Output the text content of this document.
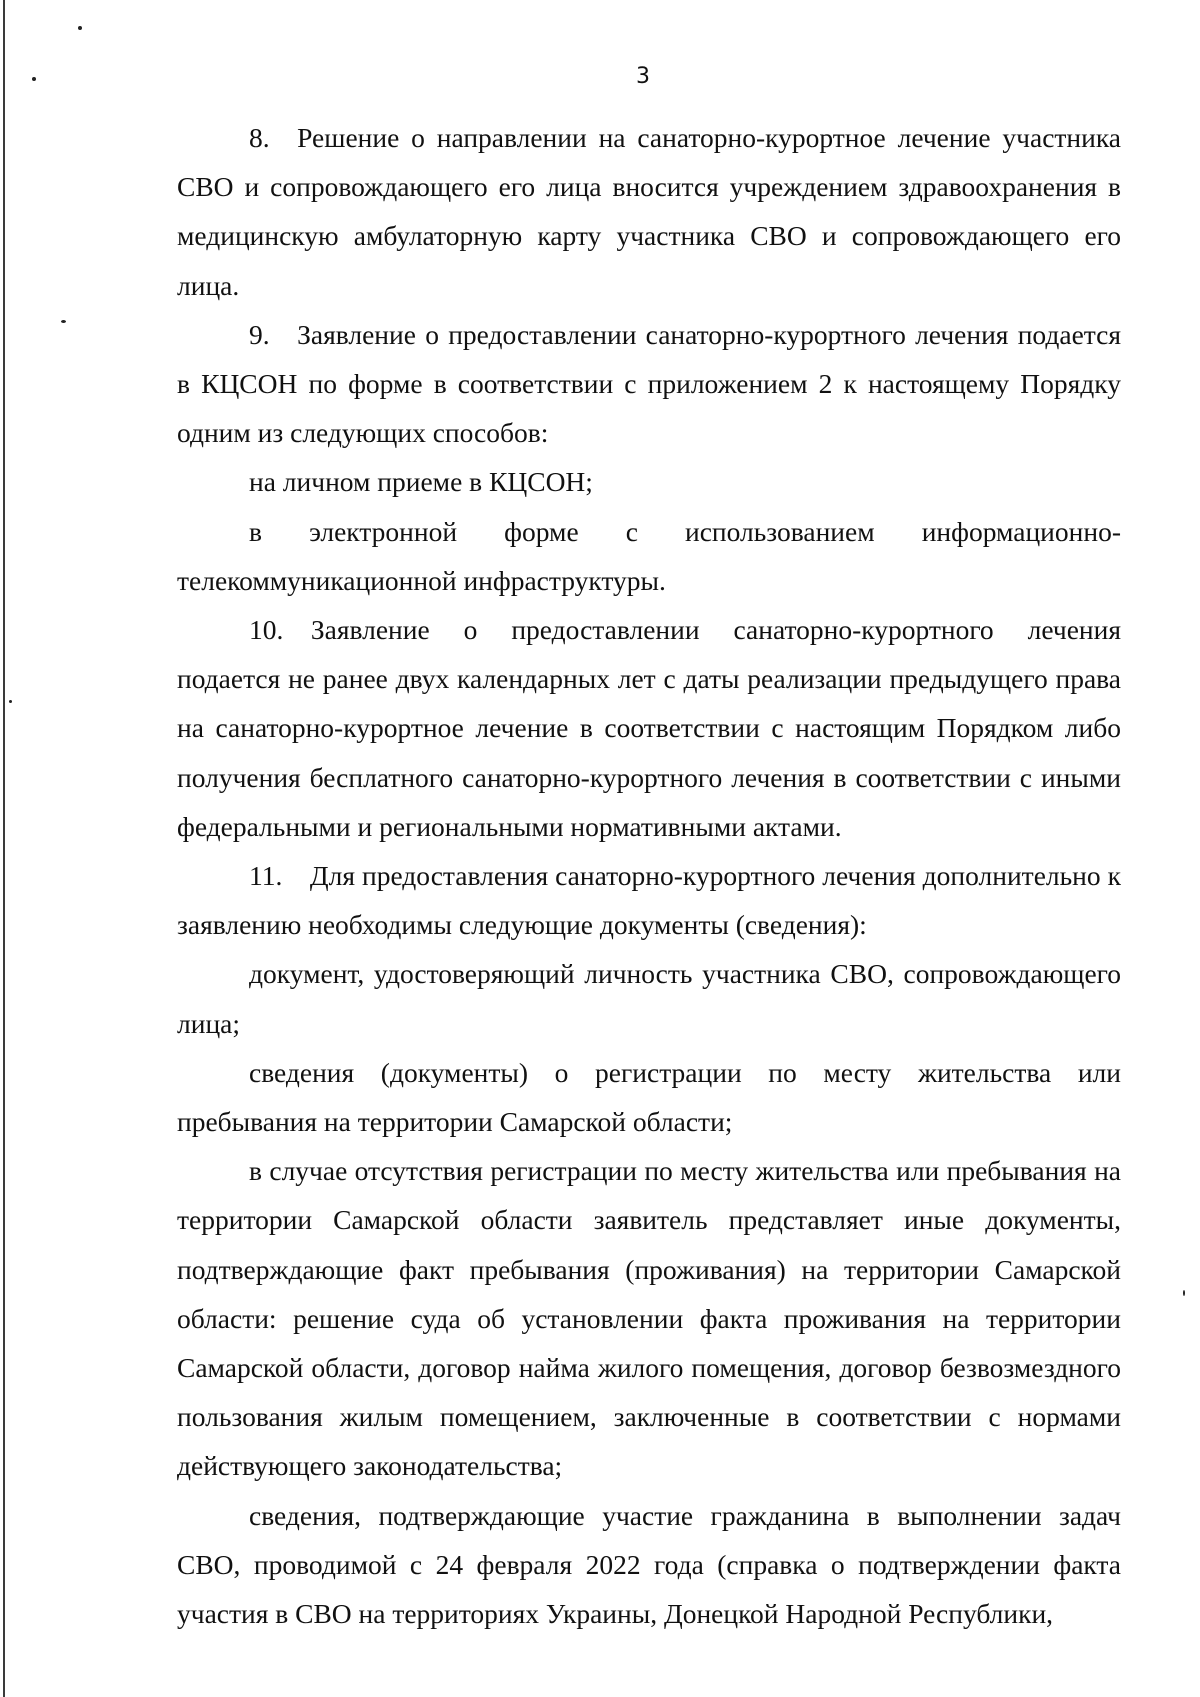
3

8. Решение о направлении на санаторно-курортное лечение участника СВО и сопровождающего его лица вносится учреждением здравоохранения в медицинскую амбулаторную карту участника СВО и сопровождающего его лица.

9. Заявление о предоставлении санаторно-курортного лечения подается в КЦСОН по форме в соответствии с приложением 2 к настоящему Порядку одним из следующих способов:

на личном приеме в КЦСОН;

в электронной форме с использованием информационно-телекоммуникационной инфраструктуры.

10. Заявление о предоставлении санаторно-курортного лечения подается не ранее двух календарных лет с даты реализации предыдущего права на санаторно-курортное лечение в соответствии с настоящим Порядком либо получения бесплатного санаторно-курортного лечения в соответствии с иными федеральными и региональными нормативными актами.

11. Для предоставления санаторно-курортного лечения дополнительно к заявлению необходимы следующие документы (сведения):

документ, удостоверяющий личность участника СВО, сопровождающего лица;

сведения (документы) о регистрации по месту жительства или пребывания на территории Самарской области;

в случае отсутствия регистрации по месту жительства или пребывания на территории Самарской области заявитель представляет иные документы, подтверждающие факт пребывания (проживания) на территории Самарской области: решение суда об установлении факта проживания на территории Самарской области, договор найма жилого помещения, договор безвозмездного пользования жилым помещением, заключенные в соответствии с нормами действующего законодательства;

сведения, подтверждающие участие гражданина в выполнении задач СВО, проводимой с 24 февраля 2022 года (справка о подтверждении факта участия в СВО на территориях Украины, Донецкой Народной Республики,
